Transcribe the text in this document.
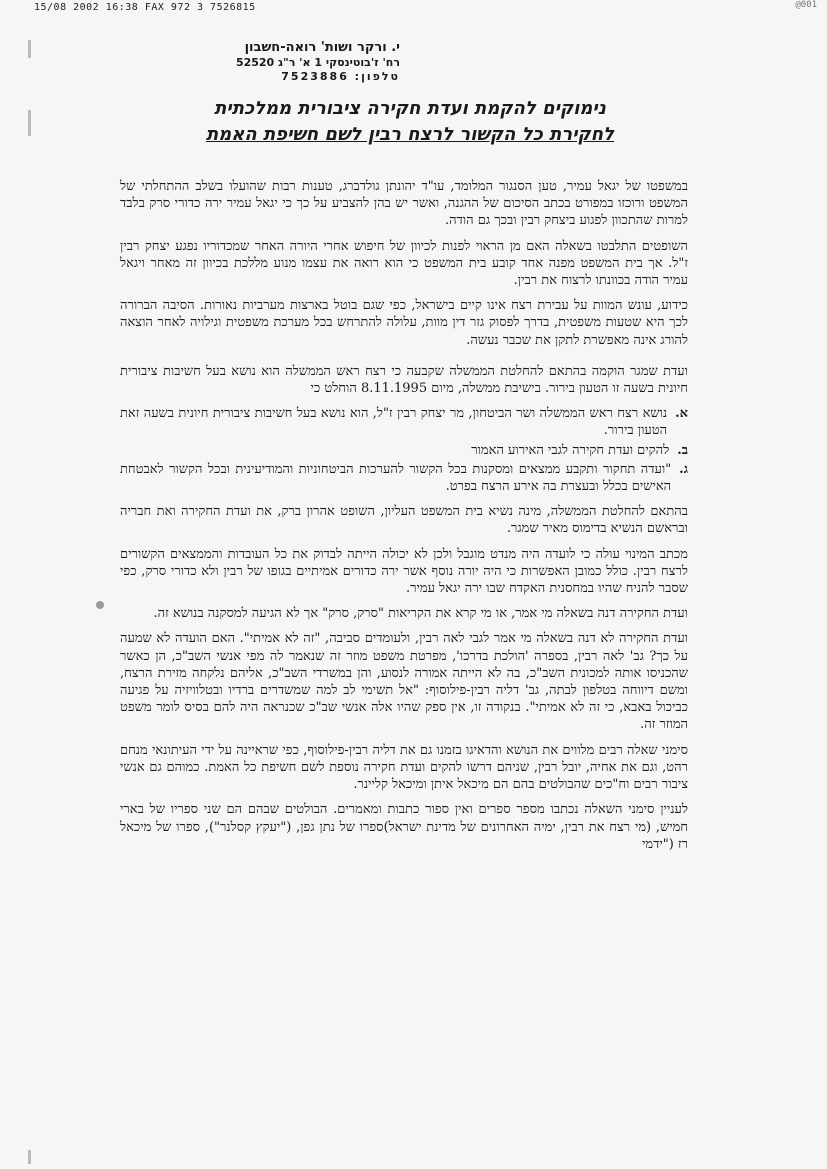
15/08 2002 16:38 FAX 972 3 7526815	@001
י. ורקר ושות' רואה-חשבון
רח' ז'בוטינסקי 1 א' ר"ג 52520
טלפון: 7523886
נימוקים להקמת ועדת חקירה ציבורית ממלכתית
לחקירת כל הקשור לרצח רבין לשם חשיפת האמת

במשפטו של יגאל עמיר, טען הסנגור המלומד, עו"ד יהונתן גולדברג, טענות רבות שהועלו בשלב ההתחלתי של המשפט ורוכזו במפורט בכתב הסיכום של ההגנה, ואשר יש בהן להצביע על כך כי יגאל עמיר ירה כדורי סרק בלבד למרות שהתכוון לפגוע ביצחק רבין ובכך גם הודה.

השופטים התלבטו בשאלה האם מן הראוי לפנות לכיוון של חיפוש אחרי היורה האחר שמכדוריו נפגע יצחק רבין ז"ל. אך בית המשפט מפנה אחד קובע בית המשפט כי הוא רואה את עצמו מנוע מללכת בכיוון זה מאחר ויגאל עמיר הודה בכוונתו לרצוח את רבין.

כידוע, עונש המוות על עבירת רצח אינו קיים בישראל, כפי שגם בוטל בארצות מערביות נאורות. הסיבה הברורה לכך היא שטעות משפטית, בדרך לפסוק גזר דין מוות, עלולה להתרחש בכל מערכת משפטית וגילויה לאחר הוצאה להורג אינה מאפשרת לתקן את שכבר נעשה.

ועדת שמגר הוקמה בהתאם להחלטת הממשלה שקבעה כי רצח ראש הממשלה הוא נושא בעל חשיבות ציבורית חיונית בשעה זו הטעון בירור. בישיבת ממשלה, מיום 8.11.1995 הוחלט כי

א.
נושא רצח ראש הממשלה ושר הביטחון, מר יצחק רבין ז"ל, הוא נושא בעל חשיבות ציבורית חיונית בשעה זאת הטעון בירור.
ב.
להקים ועדת חקירה לגבי האירוע האמור
ג.
"ועדה תחקור ותקבע ממצאים ומסקנות בכל הקשור להערכות הביטחוניות והמודיעינית ובכל הקשור לאבטחת האישים בכלל ובעצרת בה אירע הרצח בפרט.

בהתאם להחלטת הממשלה, מינה נשיא בית המשפט העליון, השופט אהרון ברק, את ועדת החקירה ואת חבריה ובראשם הנשיא בדימוס מאיר שמגר.

מכתב המינוי עולה כי לועדה היה מנדט מוגבל ולכן לא יכולה הייתה לבדוק את כל העובדות והממצאים הקשורים לרצח רבין. כולל כמובן האפשרות כי היה יורה נוסף אשר ירה כדורים אמיתיים בגופו של רבין ולא כדורי סרק, כפי שסבר להניח שהיו במחסנית האקדח שבו ירה יגאל עמיר.

ועדת החקירה דנה בשאלה מי אמר, או מי קרא את הקריאות "סרק, סרק" אך לא הגיעה למסקנה בנושא זה.

ועדת החקירה לא דנה בשאלה מי אמר לגבי לאה רבין, ולעומדים סביבה, "זה לא אמיתי". האם הועדה לא שמעה על כך? גב' לאה רבין, בספרה 'הולכת בדרכו', מפרטת משפט מוזר זה שנאמר לה מפי אנשי השב"כ, הן כאשר שהכניסו אותה למכונית השב"כ, בה לא הייתה אמורה לנסוע, והן במשרדי השב"כ, אליהם נלקחה מזירת הרצח, ומשם דיווחה בטלפון לבתה, גב' דליה רבין-פילוסוף: "אל תשימי לב למה שמשדרים ברדיו ובטלוויזיה על פגיעה כביכול באבא, כי זה לא אמיתי". בנקודה זו, אין ספק שהיו אלה אנשי שב"כ שכנראה היה להם בסיס לומר משפט המוזר זה.

סימני שאלה רבים מלווים את הנושא והדאיגו בזמנו גם את דליה רבין-פילוסוף, כפי שראיינה על ידי העיתונאי מנחם רהט, וגם את אחיה, יובל רבין, שניהם דרשו להקים ועדת חקירה נוספת לשם חשיפת כל האמת. כמוהם גם אנשי ציבור רבים וח"כים שהבולטים בהם הם מיכאל איתן ומיכאל קליינר.

לעניין סימני השאלה נכתבו מספר ספרים ואין ספור כתבות ומאמרים. הבולטים שבהם הם שני ספריו של בארי חמיש, (מי רצח את רבין, ימיה האחרונים של מדינת ישראל)ספרו של נתן גפן, ("יעקץ קסלנר"), ספרו של מיכאל רז ("ידמי
